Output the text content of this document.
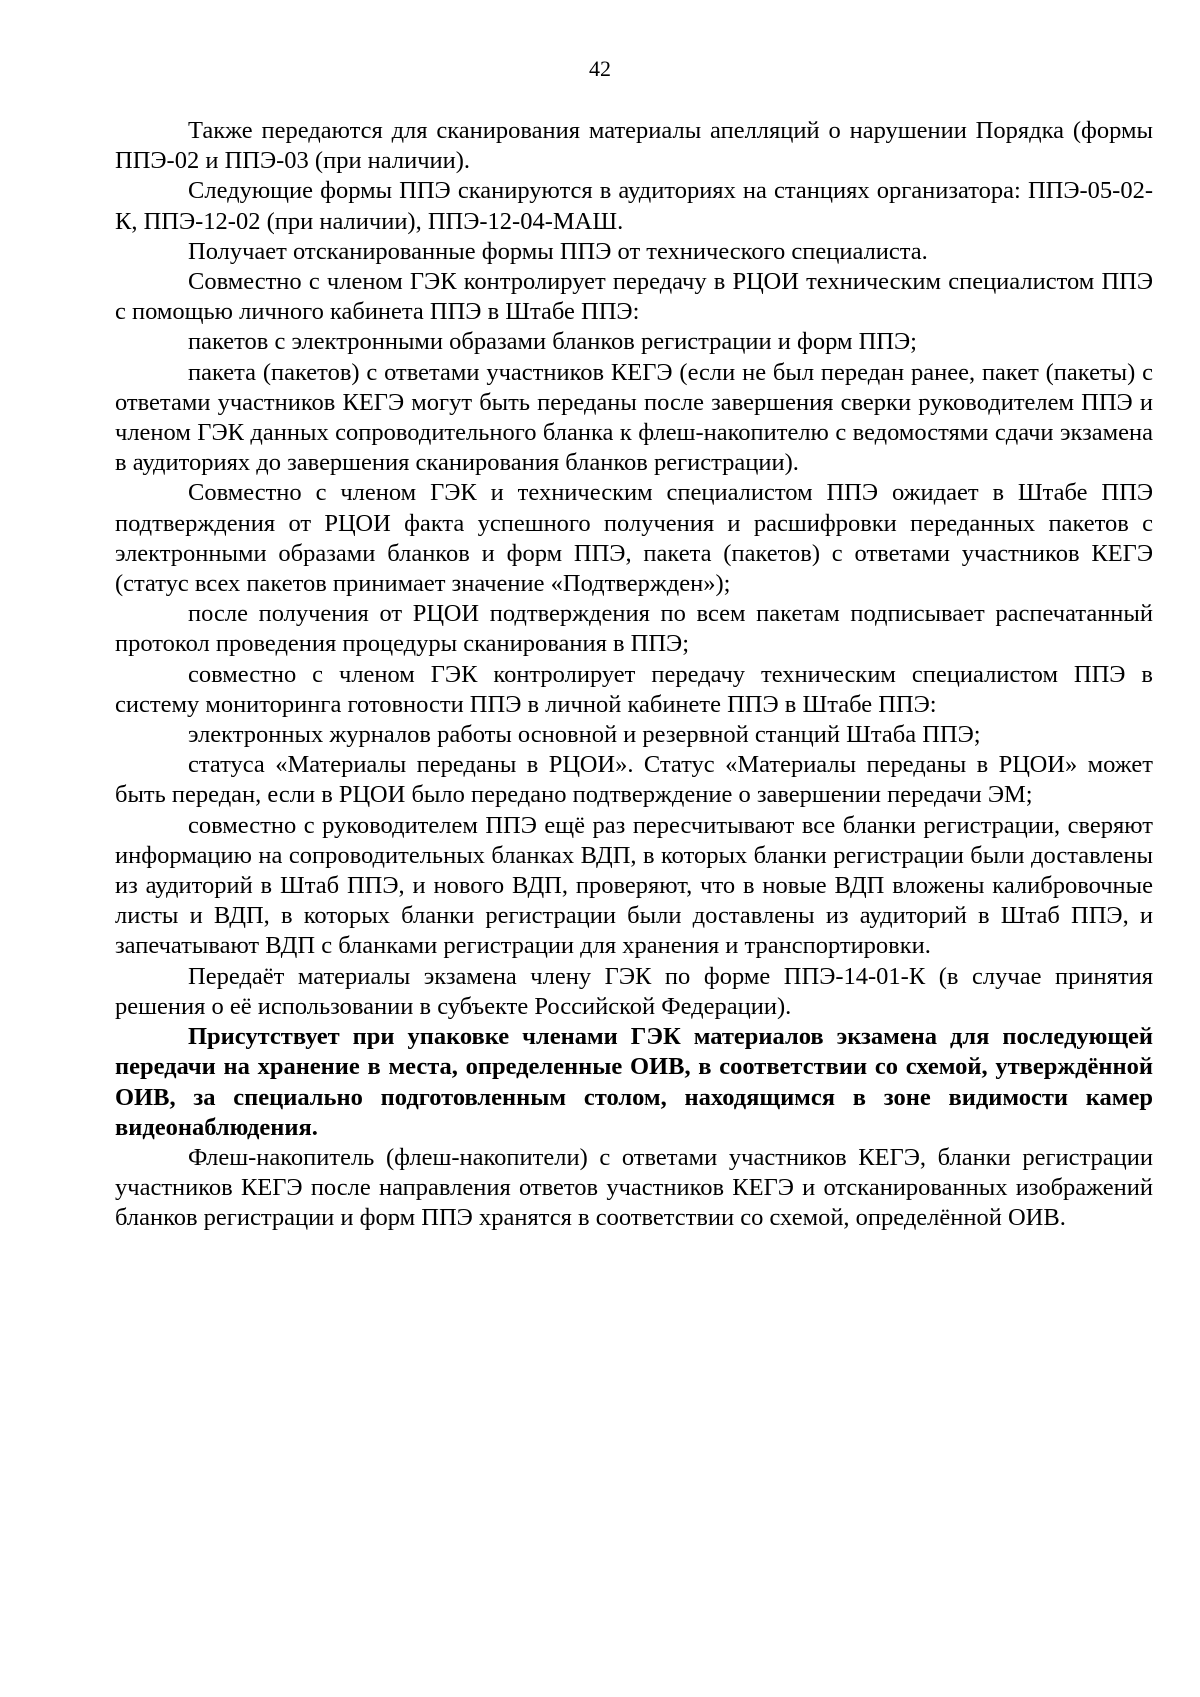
42

Также передаются для сканирования материалы апелляций о нарушении Порядка (формы ППЭ-02 и ППЭ-03 (при наличии).

Следующие формы ППЭ сканируются в аудиториях на станциях организатора: ППЭ-05-02-К, ППЭ-12-02 (при наличии), ППЭ-12-04-МАШ.

Получает отсканированные формы ППЭ от технического специалиста.

Совместно с членом ГЭК контролирует передачу в РЦОИ техническим специалистом ППЭ с помощью личного кабинета ППЭ в Штабе ППЭ:

пакетов с электронными образами бланков регистрации и форм ППЭ;

пакета (пакетов) с ответами участников КЕГЭ (если не был передан ранее, пакет (пакеты) с ответами участников КЕГЭ могут быть переданы после завершения сверки руководителем ППЭ и членом ГЭК данных сопроводительного бланка к флеш-накопителю с ведомостями сдачи экзамена в аудиториях до завершения сканирования бланков регистрации).

Совместно с членом ГЭК и техническим специалистом ППЭ ожидает в Штабе ППЭ подтверждения от РЦОИ факта успешного получения и расшифровки переданных пакетов с электронными образами бланков и форм ППЭ, пакета (пакетов) с ответами участников КЕГЭ (статус всех пакетов принимает значение «Подтвержден»);

после получения от РЦОИ подтверждения по всем пакетам подписывает распечатанный протокол проведения процедуры сканирования в ППЭ;

совместно с членом ГЭК контролирует передачу техническим специалистом ППЭ в систему мониторинга готовности ППЭ в личной кабинете ППЭ в Штабе ППЭ:

электронных журналов работы основной и резервной станций Штаба ППЭ;

статуса «Материалы переданы в РЦОИ». Статус «Материалы переданы в РЦОИ» может быть передан, если в РЦОИ было передано подтверждение о завершении передачи ЭМ;

совместно с руководителем ППЭ ещё раз пересчитывают все бланки регистрации, сверяют информацию на сопроводительных бланках ВДП, в которых бланки регистрации были доставлены из аудиторий в Штаб ППЭ, и нового ВДП, проверяют, что в новые ВДП вложены калибровочные листы и ВДП, в которых бланки регистрации были доставлены из аудиторий в Штаб ППЭ, и запечатывают ВДП с бланками регистрации для хранения и транспортировки.

Передаёт материалы экзамена члену ГЭК по форме ППЭ-14-01-К (в случае принятия решения о её использовании в субъекте Российской Федерации).

Присутствует при упаковке членами ГЭК материалов экзамена для последующей передачи на хранение в места, определенные ОИВ, в соответствии со схемой, утверждённой ОИВ, за специально подготовленным столом, находящимся в зоне видимости камер видеонаблюдения.

Флеш-накопитель (флеш-накопители) с ответами участников КЕГЭ, бланки регистрации участников КЕГЭ после направления ответов участников КЕГЭ и отсканированных изображений бланков регистрации и форм ППЭ хранятся в соответствии со схемой, определённой ОИВ.
